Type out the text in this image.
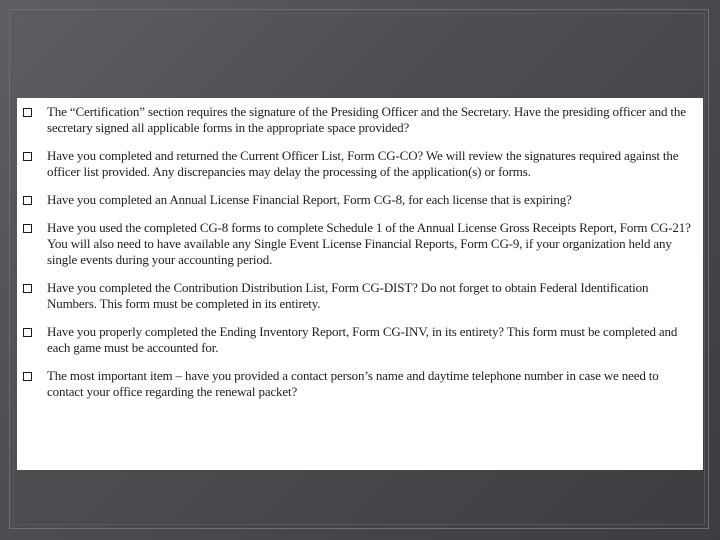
The “Certification” section requires the signature of the Presiding Officer and the Secretary. Have the presiding officer and the secretary signed all applicable forms in the appropriate space provided?
Have you completed and returned the Current Officer List, Form CG-CO? We will review the signatures required against the officer list provided. Any discrepancies may delay the processing of the application(s) or forms.
Have you completed an Annual License Financial Report, Form CG-8, for each license that is expiring?
Have you used the completed CG-8 forms to complete Schedule 1 of the Annual License Gross Receipts Report, Form CG-21? You will also need to have available any Single Event License Financial Reports, Form CG-9, if your organization held any single events during your accounting period.
Have you completed the Contribution Distribution List, Form CG-DIST? Do not forget to obtain Federal Identification Numbers. This form must be completed in its entirety.
Have you properly completed the Ending Inventory Report, Form CG-INV, in its entirety? This form must be completed and each game must be accounted for.
The most important item – have you provided a contact person’s name and daytime telephone number in case we need to contact your office regarding the renewal packet?
